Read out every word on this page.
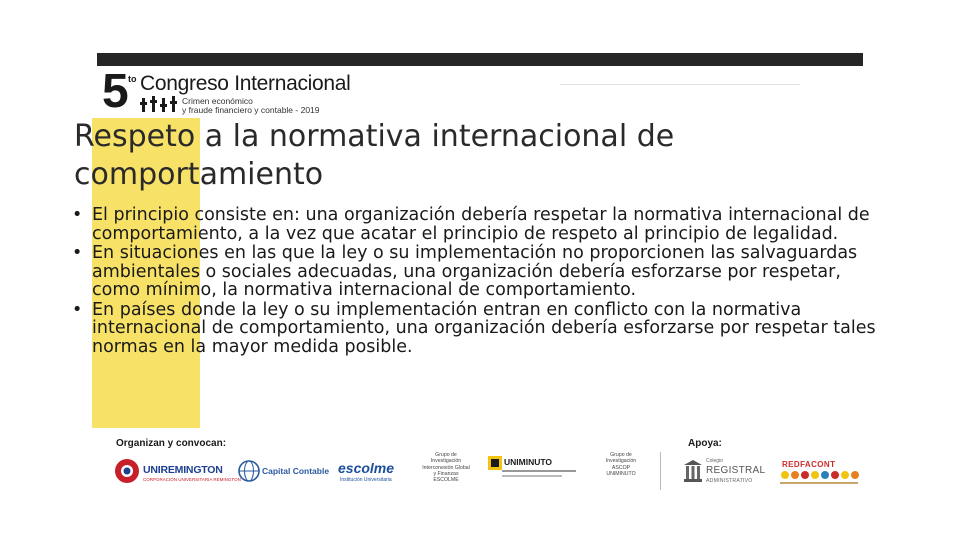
5 to Congreso Internacional
Crimen económico
y fraude financiero y contable - 2019
Respeto a la normativa internacional de comportamiento
• El principio consiste en: una organización debería respetar la normativa internacional de comportamiento, a la vez que acatar el principio de respeto al principio de legalidad.
• En situaciones en las que la ley o su implementación no proporcionen las salvaguardas ambientales o sociales adecuadas, una organización debería esforzarse por respetar, como mínimo, la normativa internacional de comportamiento.
• En países donde la ley o su implementación entran en conflicto con la normativa internacional de comportamiento, una organización debería esforzarse por respetar tales normas en la mayor medida posible.
Organizan y convocan:	Apoya:
UNIREMINGTON
CORPORACIÓN UNIVERSITARIA REMINGTON
Capital Contable escolme
Institución Universitaria
Grupo de
Investigación
Interconexión Global
y Finanzas
ESCOLME
UNIMINUTO
Grupo de
Investigación
ASCOP
UNIMINUTO
Colegio
REGISTRAL
ADMINISTRATIVO
REDFACONT
